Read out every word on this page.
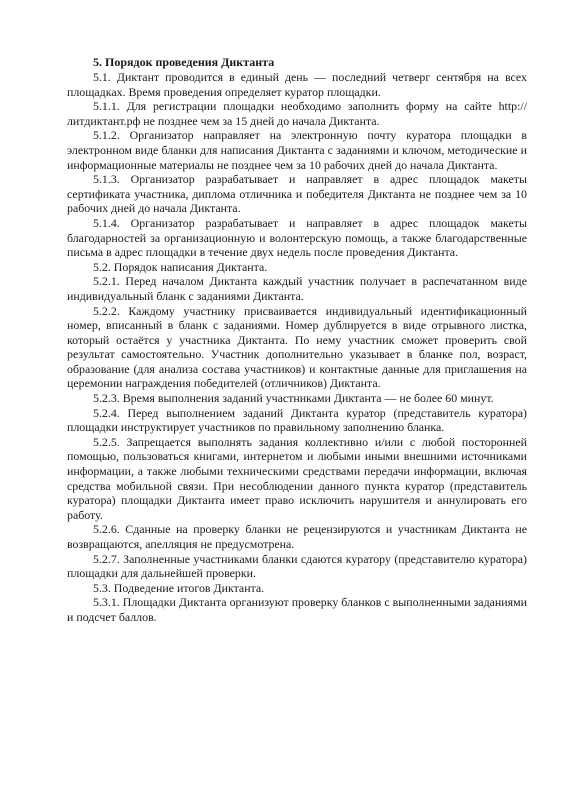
5. Порядок проведения Диктанта

5.1. Диктант проводится в единый день — последний четверг сентября на всех площадках. Время проведения определяет куратор площадки.

5.1.1. Для регистрации площадки необходимо заполнить форму на сайте http://литдиктант.рф не позднее чем за 15 дней до начала Диктанта.

5.1.2. Организатор направляет на электронную почту куратора площадки в электронном виде бланки для написания Диктанта с заданиями и ключом, методические и информационные материалы не позднее чем за 10 рабочих дней до начала Диктанта.

5.1.3. Организатор разрабатывает и направляет в адрес площадок макеты сертификата участника, диплома отличника и победителя Диктанта не позднее чем за 10 рабочих дней до начала Диктанта.

5.1.4. Организатор разрабатывает и направляет в адрес площадок макеты благодарностей за организационную и волонтерскую помощь, а также благодарственные письма в адрес площадки в течение двух недель после проведения Диктанта.

5.2. Порядок написания Диктанта.

5.2.1. Перед началом Диктанта каждый участник получает в распечатанном виде индивидуальный бланк с заданиями Диктанта.

5.2.2. Каждому участнику присваивается индивидуальный идентификационный номер, вписанный в бланк с заданиями. Номер дублируется в виде отрывного листка, который остаётся у участника Диктанта. По нему участник сможет проверить свой результат самостоятельно. Участник дополнительно указывает в бланке пол, возраст, образование (для анализа состава участников) и контактные данные для приглашения на церемонии награждения победителей (отличников) Диктанта.

5.2.3. Время выполнения заданий участниками Диктанта — не более 60 минут.

5.2.4. Перед выполнением заданий Диктанта куратор (представитель куратора) площадки инструктирует участников по правильному заполнению бланка.

5.2.5. Запрещается выполнять задания коллективно и/или с любой посторонней помощью, пользоваться книгами, интернетом и любыми иными внешними источниками информации, а также любыми техническими средствами передачи информации, включая средства мобильной связи. При несоблюдении данного пункта куратор (представитель куратора) площадки Диктанта имеет право исключить нарушителя и аннулировать его работу.

5.2.6. Сданные на проверку бланки не рецензируются и участникам Диктанта не возвращаются, апелляция не предусмотрена.

5.2.7. Заполненные участниками бланки сдаются куратору (представителю куратора) площадки для дальнейшей проверки.

5.3. Подведение итогов Диктанта.

5.3.1. Площадки Диктанта организуют проверку бланков с выполненными заданиями и подсчет баллов.
